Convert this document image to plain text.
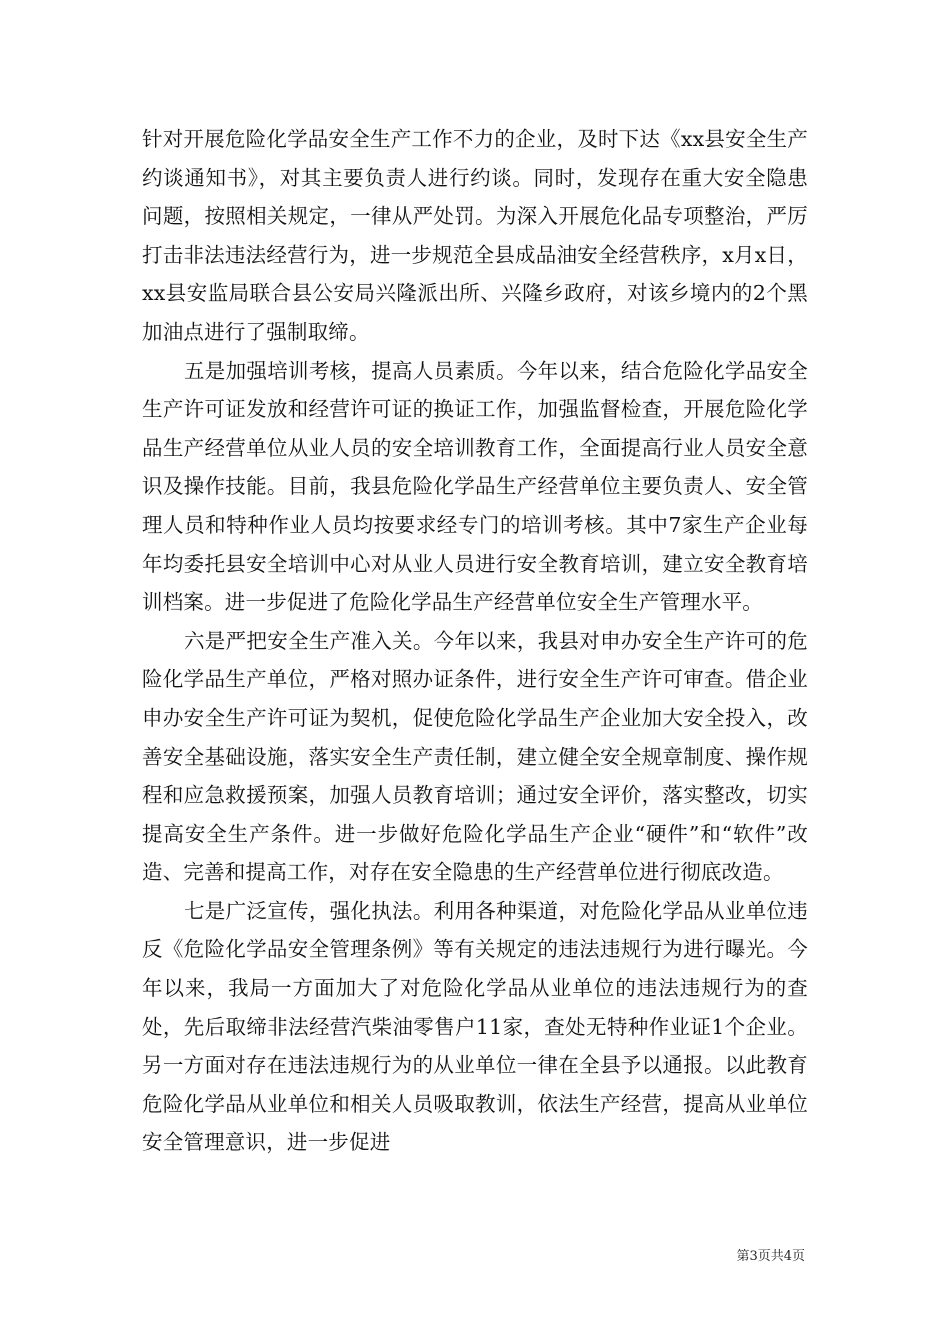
针对开展危险化学品安全生产工作不力的企业，及时下达《xx县安全生产约谈通知书》，对其主要负责人进行约谈。同时，发现存在重大安全隐患问题，按照相关规定，一律从严处罚。为深入开展危化品专项整治，严厉打击非法违法经营行为，进一步规范全县成品油安全经营秩序，x月x日，xx县安监局联合县公安局兴隆派出所、兴隆乡政府，对该乡境内的2个黑加油点进行了强制取缔。

五是加强培训考核，提高人员素质。今年以来，结合危险化学品安全生产许可证发放和经营许可证的换证工作，加强监督检查，开展危险化学品生产经营单位从业人员的安全培训教育工作，全面提高行业人员安全意识及操作技能。目前，我县危险化学品生产经营单位主要负责人、安全管理人员和特种作业人员均按要求经专门的培训考核。其中7家生产企业每年均委托县安全培训中心对从业人员进行安全教育培训，建立安全教育培训档案。进一步促进了危险化学品生产经营单位安全生产管理水平。

六是严把安全生产准入关。今年以来，我县对申办安全生产许可的危险化学品生产单位，严格对照办证条件，进行安全生产许可审查。借企业申办安全生产许可证为契机，促使危险化学品生产企业加大安全投入，改善安全基础设施，落实安全生产责任制，建立健全安全规章制度、操作规程和应急救援预案，加强人员教育培训；通过安全评价，落实整改，切实提高安全生产条件。进一步做好危险化学品生产企业“硬件”和“软件”改造、完善和提高工作，对存在安全隐患的生产经营单位进行彻底改造。

七是广泛宣传，强化执法。利用各种渠道，对危险化学品从业单位违反《危险化学品安全管理条例》等有关规定的违法违规行为进行曝光。今年以来，我局一方面加大了对危险化学品从业单位的违法违规行为的查处，先后取缔非法经营汽柴油零售户11家，查处无特种作业证1个企业。另一方面对存在违法违规行为的从业单位一律在全县予以通报。以此教育危险化学品从业单位和相关人员吸取教训，依法生产经营，提高从业单位安全管理意识，进一步促进

第3页共4页
